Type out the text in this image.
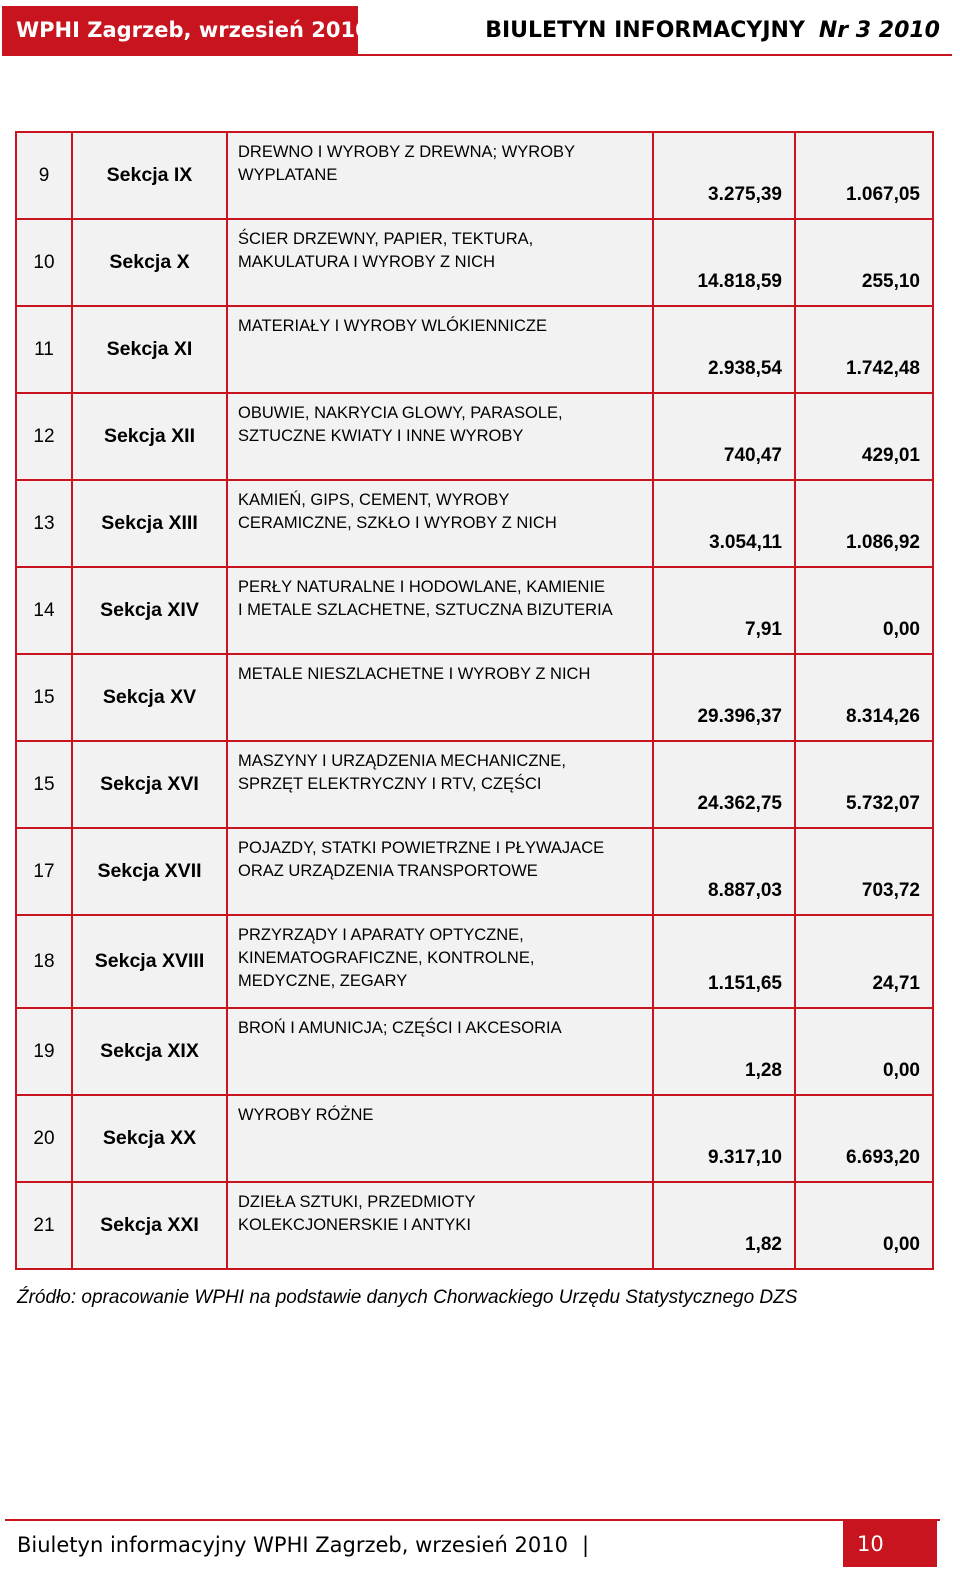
WPHI Zagrzeb, wrzesień 2010	BIULETYN INFORMACYJNY Nr 3 2010
9	Sekcja IX	DREWNO I WYROBY Z DREWNA; WYROBY
WYPLATANE	3.275,39	1.067,05
10	Sekcja X	ŚCIER DRZEWNY, PAPIER, TEKTURA,
MAKULATURA I WYROBY Z NICH	14.818,59	255,10
11	Sekcja XI	MATERIAŁY I WYROBY WLÓKIENNICZE	2.938,54	1.742,48
12	Sekcja XII	OBUWIE, NAKRYCIA GLOWY, PARASOLE,
SZTUCZNE KWIATY I INNE WYROBY	740,47	429,01
13	Sekcja XIII	KAMIEŃ, GIPS, CEMENT, WYROBY
CERAMICZNE, SZKŁO I WYROBY Z NICH	3.054,11	1.086,92
14	Sekcja XIV	PERŁY NATURALNE I HODOWLANE, KAMIENIE
I METALE SZLACHETNE, SZTUCZNA BIZUTERIA	7,91	0,00
15	Sekcja XV	METALE NIESZLACHETNE I WYROBY Z NICH	29.396,37	8.314,26
15	Sekcja XVI	MASZYNY I URZĄDZENIA MECHANICZNE,
SPRZĘT ELEKTRYCZNY I RTV, CZĘŚCI	24.362,75	5.732,07
17	Sekcja XVII	POJAZDY, STATKI POWIETRZNE I PŁYWAJACE
ORAZ URZĄDZENIA TRANSPORTOWE	8.887,03	703,72
18	Sekcja XVIII	PRZYRZĄDY I APARATY OPTYCZNE,
KINEMATOGRAFICZNE, KONTROLNE,
MEDYCZNE, ZEGARY	1.151,65	24,71
19	Sekcja XIX	BROŃ I AMUNICJA; CZĘŚCI I AKCESORIA	1,28	0,00
20	Sekcja XX	WYROBY RÓŻNE	9.317,10	6.693,20
21	Sekcja XXI	DZIEŁA SZTUKI, PRZEDMIOTY
KOLEKCJONERSKIE I ANTYKI	1,82	0,00
Źródło: opracowanie WPHI na podstawie danych Chorwackiego Urzędu Statystycznego DZS
Biuletyn informacyjny WPHI Zagrzeb, wrzesień 2010 |	10
